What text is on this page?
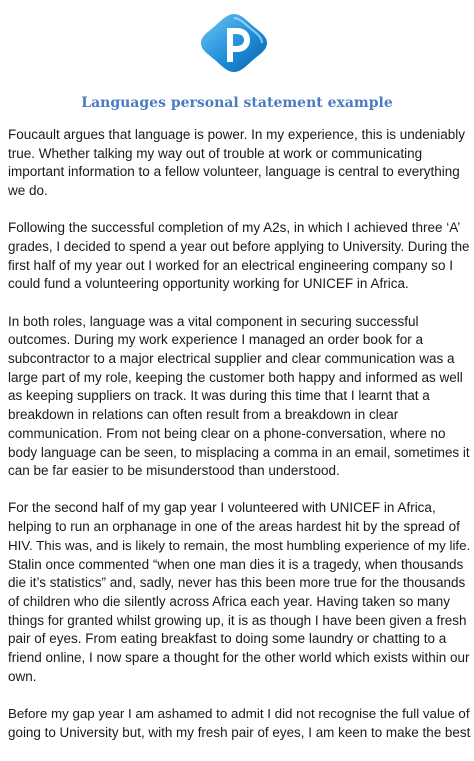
Languages personal statement example

Foucault argues that language is power. In my experience, this is undeniably
true. Whether talking my way out of trouble at work or communicating
important information to a fellow volunteer, language is central to everything
we do.

Following the successful completion of my A2s, in which I achieved three ‘A’
grades, I decided to spend a year out before applying to University. During the
first half of my year out I worked for an electrical engineering company so I
could fund a volunteering opportunity working for UNICEF in Africa.

In both roles, language was a vital component in securing successful
outcomes. During my work experience I managed an order book for a
subcontractor to a major electrical supplier and clear communication was a
large part of my role, keeping the customer both happy and informed as well
as keeping suppliers on track. It was during this time that I learnt that a
breakdown in relations can often result from a breakdown in clear
communication. From not being clear on a phone-conversation, where no
body language can be seen, to misplacing a comma in an email, sometimes it
can be far easier to be misunderstood than understood.

For the second half of my gap year I volunteered with UNICEF in Africa,
helping to run an orphanage in one of the areas hardest hit by the spread of
HIV. This was, and is likely to remain, the most humbling experience of my life.
Stalin once commented “when one man dies it is a tragedy, when thousands
die it’s statistics” and, sadly, never has this been more true for the thousands
of children who die silently across Africa each year. Having taken so many
things for granted whilst growing up, it is as though I have been given a fresh
pair of eyes. From eating breakfast to doing some laundry or chatting to a
friend online, I now spare a thought for the other world which exists within our
own.

Before my gap year I am ashamed to admit I did not recognise the full value of
going to University but, with my fresh pair of eyes, I am keen to make the best
